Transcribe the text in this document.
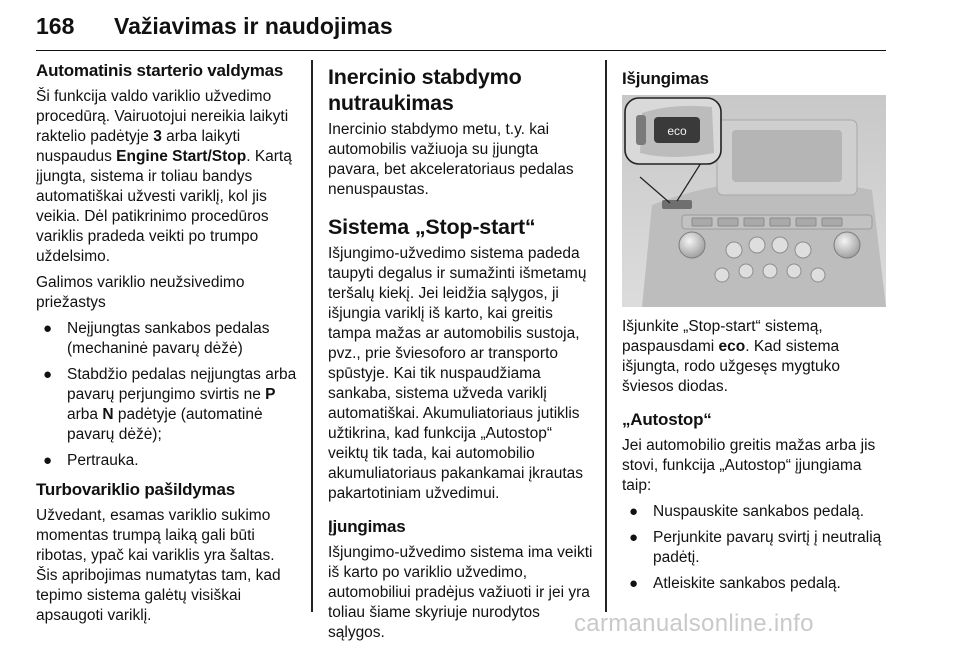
168 Važiavimas ir naudojimas
Automatinis starterio valdymas

Ši funkcija valdo variklio užvedimo procedūrą. Vairuotojui nereikia laikyti raktelio padėtyje 3 arba laikyti nuspaudus Engine Start/Stop. Kartą įjungta, sistema ir toliau bandys automatiškai užvesti variklį, kol jis veikia. Dėl patikrinimo procedūros variklis pradeda veikti po trumpo uždelsimo.

Galimos variklio neužsivedimo priežastys

● Neįjungtas sankabos pedalas (mechaninė pavarų dėžė)
● Stabdžio pedalas neįjungtas arba pavarų perjungimo svirtis ne P arba N padėtyje (automatinė pavarų dėžė);
● Pertrauka.
Turbovariklio pašildymas

Užvedant, esamas variklio sukimo momentas trumpą laiką gali būti ribotas, ypač kai variklis yra šaltas. Šis apribojimas numatytas tam, kad tepimo sistema galėtų visiškai apsaugoti variklį.

Inercinio stabdymo nutraukimas

Inercinio stabdymo metu, t.y. kai automobilis važiuoja su įjungta pavara, bet akceleratoriaus pedalas nenuspaustas.

Sistema „Stop-start“

Išjungimo-užvedimo sistema padeda taupyti degalus ir sumažinti išmetamų teršalų kiekį. Jei leidžia sąlygos, ji išjungia variklį iš karto, kai greitis tampa mažas ar automobilis sustoja, pvz., prie šviesoforo ar transporto spūstyje. Kai tik nuspaudžiama sankaba, sistema užveda variklį automatiškai. Akumuliatoriaus jutiklis užtikrina, kad funkcija „Autostop“ veiktų tik tada, kai automobilio akumuliatoriaus pakankamai įkrautas pakartotiniam užvedimui.

Įjungimas

Išjungimo-užvedimo sistema ima veikti iš karto po variklio užvedimo, automobiliui pradėjus važiuoti ir jei yra toliau šiame skyriuje nurodytos sąlygos.

Išjungimas
eco

Išjunkite „Stop-start“ sistemą, paspausdami eco. Kad sistema išjungta, rodo užgesęs mygtuko šviesos diodas.

„Autostop“

Jei automobilio greitis mažas arba jis stovi, funkcija „Autostop“ įjungiama taip:

● Nuspauskite sankabos pedalą.
● Perjunkite pavarų svirtį į neutralią padėtį.
● Atleiskite sankabos pedalą.
carmanualsonline.info
